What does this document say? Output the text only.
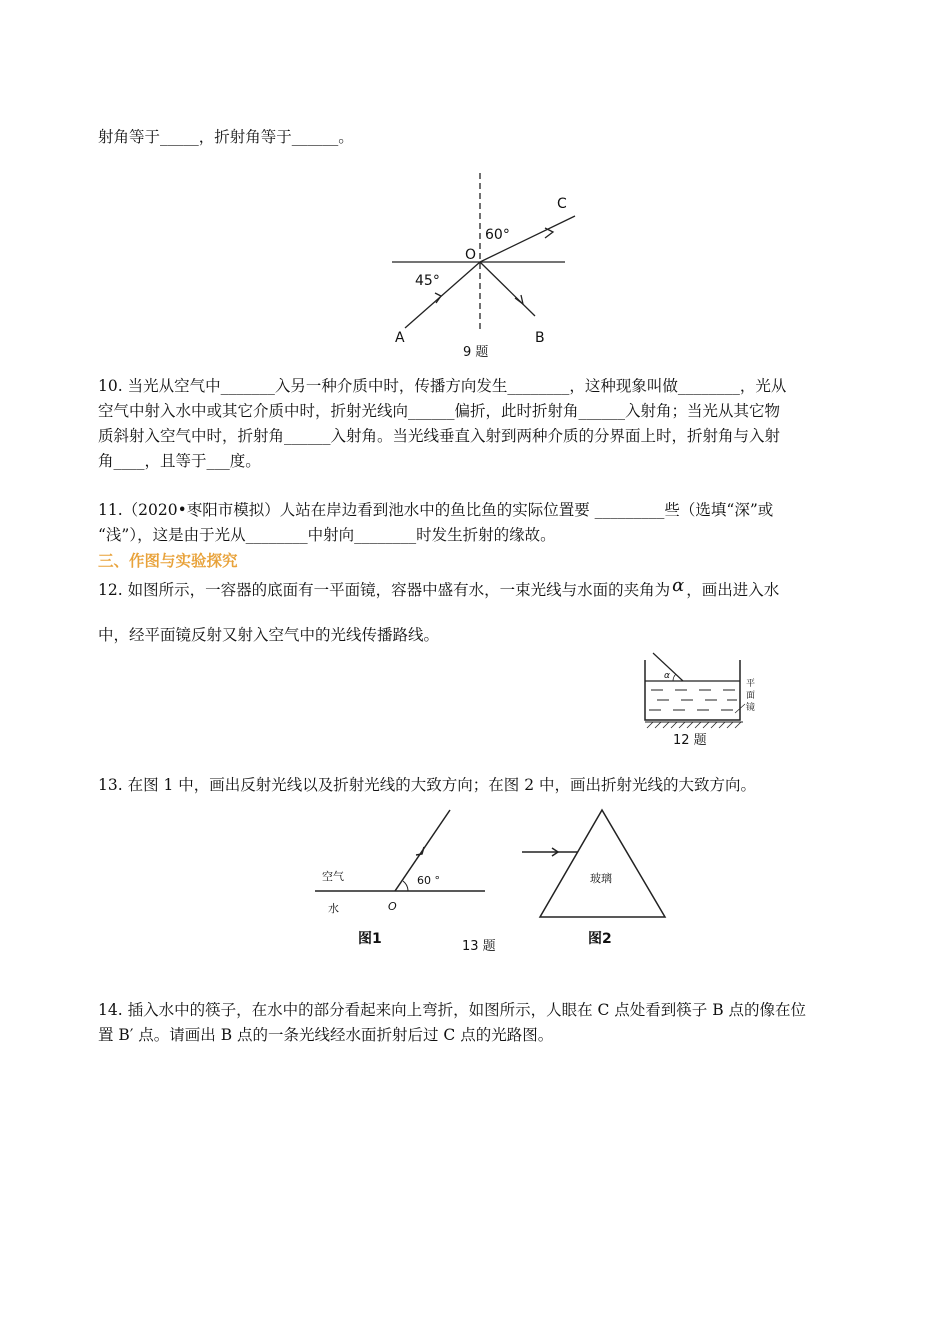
射角等于_____，折射角等于______。
C
60°
O
45°
A	B
9 题
10. 当光从空气中_______入另一种介质中时，传播方向发生________，这种现象叫做________，光从
空气中射入水中或其它介质中时，折射光线向______偏折，此时折射角______入射角；当光从其它物
质斜射入空气中时，折射角______入射角。当光线垂直入射到两种介质的分界面上时，折射角与入射
角____，且等于___度。
11.（2020•枣阳市模拟）人站在岸边看到池水中的鱼比鱼的实际位置要 _________些（选填“深”或
“浅”），这是由于光从________中射向________时发生折射的缘故。
三、作图与实验探究
12. 如图所示，一容器的底面有一平面镜，容器中盛有水，一束光线与水面的夹角为 α ，画出进入水
中，经平面镜反射又射入空气中的光线传播路线。
α
平
面
镜
12 题
13. 在图 1 中，画出反射光线以及折射光线的大致方向；在图 2 中，画出折射光线的大致方向。
空气
水
60 °
O
图1
玻璃
图2
13 题
14. 插入水中的筷子，在水中的部分看起来向上弯折，如图所示，人眼在 C 点处看到筷子 B 点的像在位
置 B′ 点。请画出 B 点的一条光线经水面折射后过 C 点的光路图。
